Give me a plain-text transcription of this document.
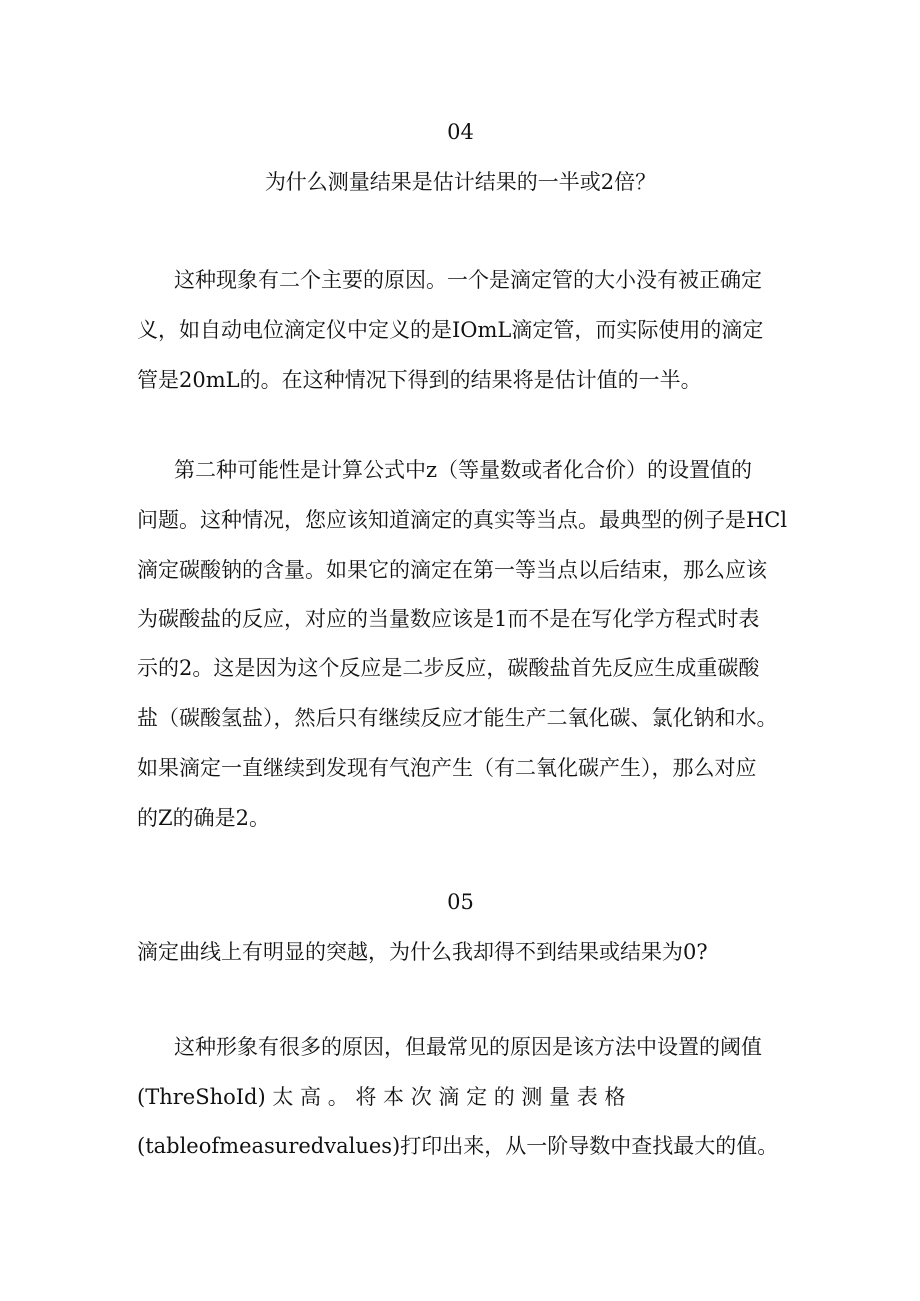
04
为什么测量结果是估计结果的一半或2倍？
这种现象有二个主要的原因。一个是滴定管的大小没有被正确定
义，如自动电位滴定仪中定义的是IOmL滴定管，而实际使用的滴定
管是20mL的。在这种情况下得到的结果将是估计值的一半。
第二种可能性是计算公式中z（等量数或者化合价）的设置值的
问题。这种情况，您应该知道滴定的真实等当点。最典型的例子是HCl
滴定碳酸钠的含量。如果它的滴定在第一等当点以后结束，那么应该
为碳酸盐的反应，对应的当量数应该是1而不是在写化学方程式时表
示的2。这是因为这个反应是二步反应，碳酸盐首先反应生成重碳酸
盐（碳酸氢盐），然后只有继续反应才能生产二氧化碳、氯化钠和水。
如果滴定一直继续到发现有气泡产生（有二氧化碳产生），那么对应
的Z的确是2。
05
滴定曲线上有明显的突越，为什么我却得不到结果或结果为0?
这种形象有很多的原因，但最常见的原因是该方法中设置的阈值
(ThreShoId) 太 高 。 将 本 次 滴 定 的 测 量 表 格
(tableofmeasuredvalues)打印出来，从一阶导数中查找最大的值。
